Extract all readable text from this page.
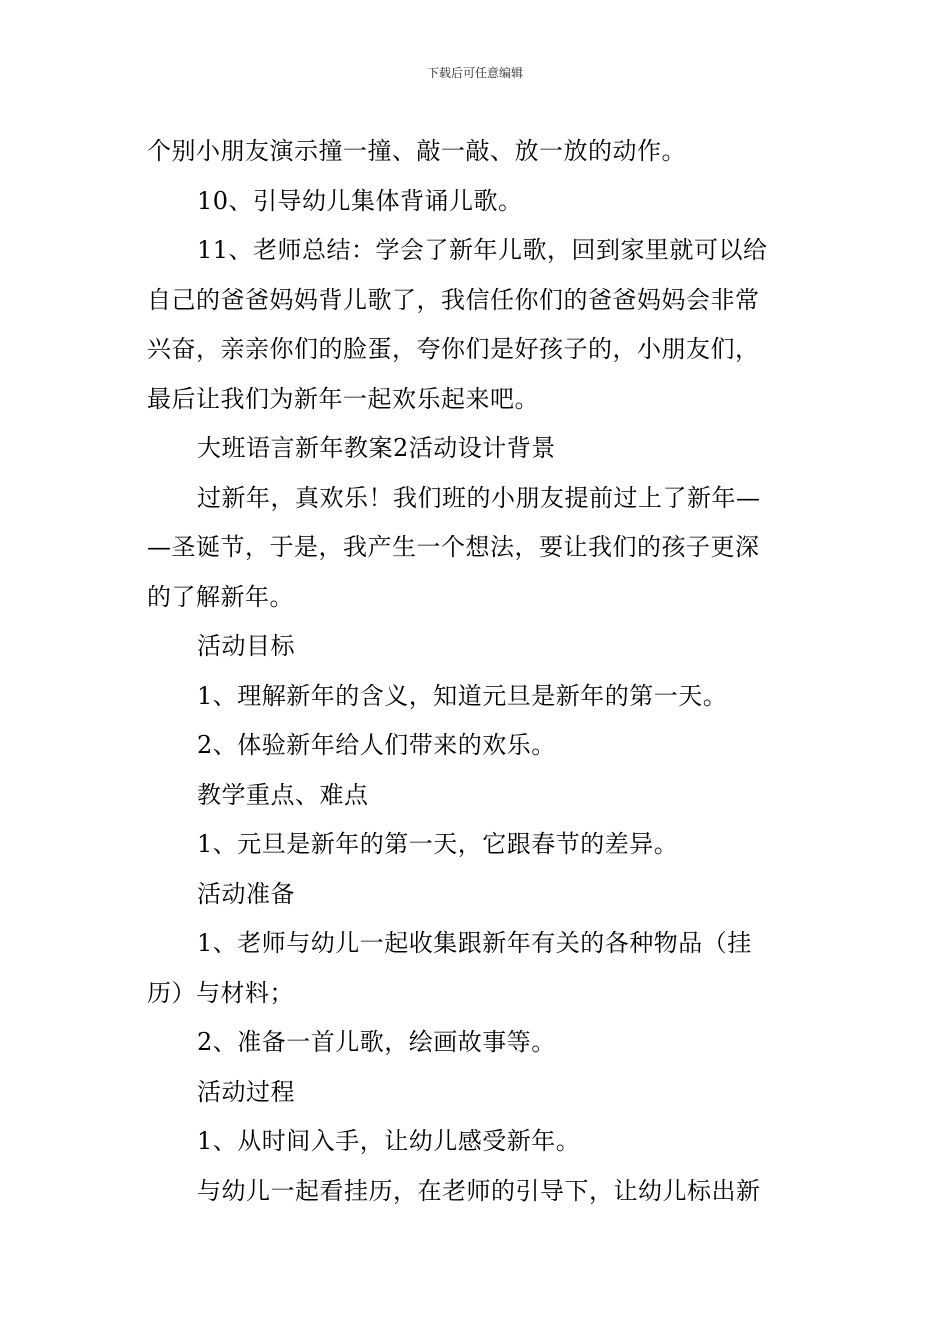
下载后可任意编辑
个别小朋友演示撞一撞、敲一敲、放一放的动作。
10、引导幼儿集体背诵儿歌。
11、老师总结：学会了新年儿歌，回到家里就可以给
自己的爸爸妈妈背儿歌了，我信任你们的爸爸妈妈会非常
兴奋，亲亲你们的脸蛋，夸你们是好孩子的，小朋友们，
最后让我们为新年一起欢乐起来吧。
大班语言新年教案2活动设计背景
过新年，真欢乐！我们班的小朋友提前过上了新年—
—圣诞节，于是，我产生一个想法，要让我们的孩子更深
的了解新年。
活动目标
1、理解新年的含义，知道元旦是新年的第一天。
2、体验新年给人们带来的欢乐。
教学重点、难点
1、元旦是新年的第一天，它跟春节的差异。
活动准备
1、老师与幼儿一起收集跟新年有关的各种物品（挂
历）与材料；
2、准备一首儿歌，绘画故事等。
活动过程
1、从时间入手，让幼儿感受新年。
与幼儿一起看挂历，在老师的引导下，让幼儿标出新
